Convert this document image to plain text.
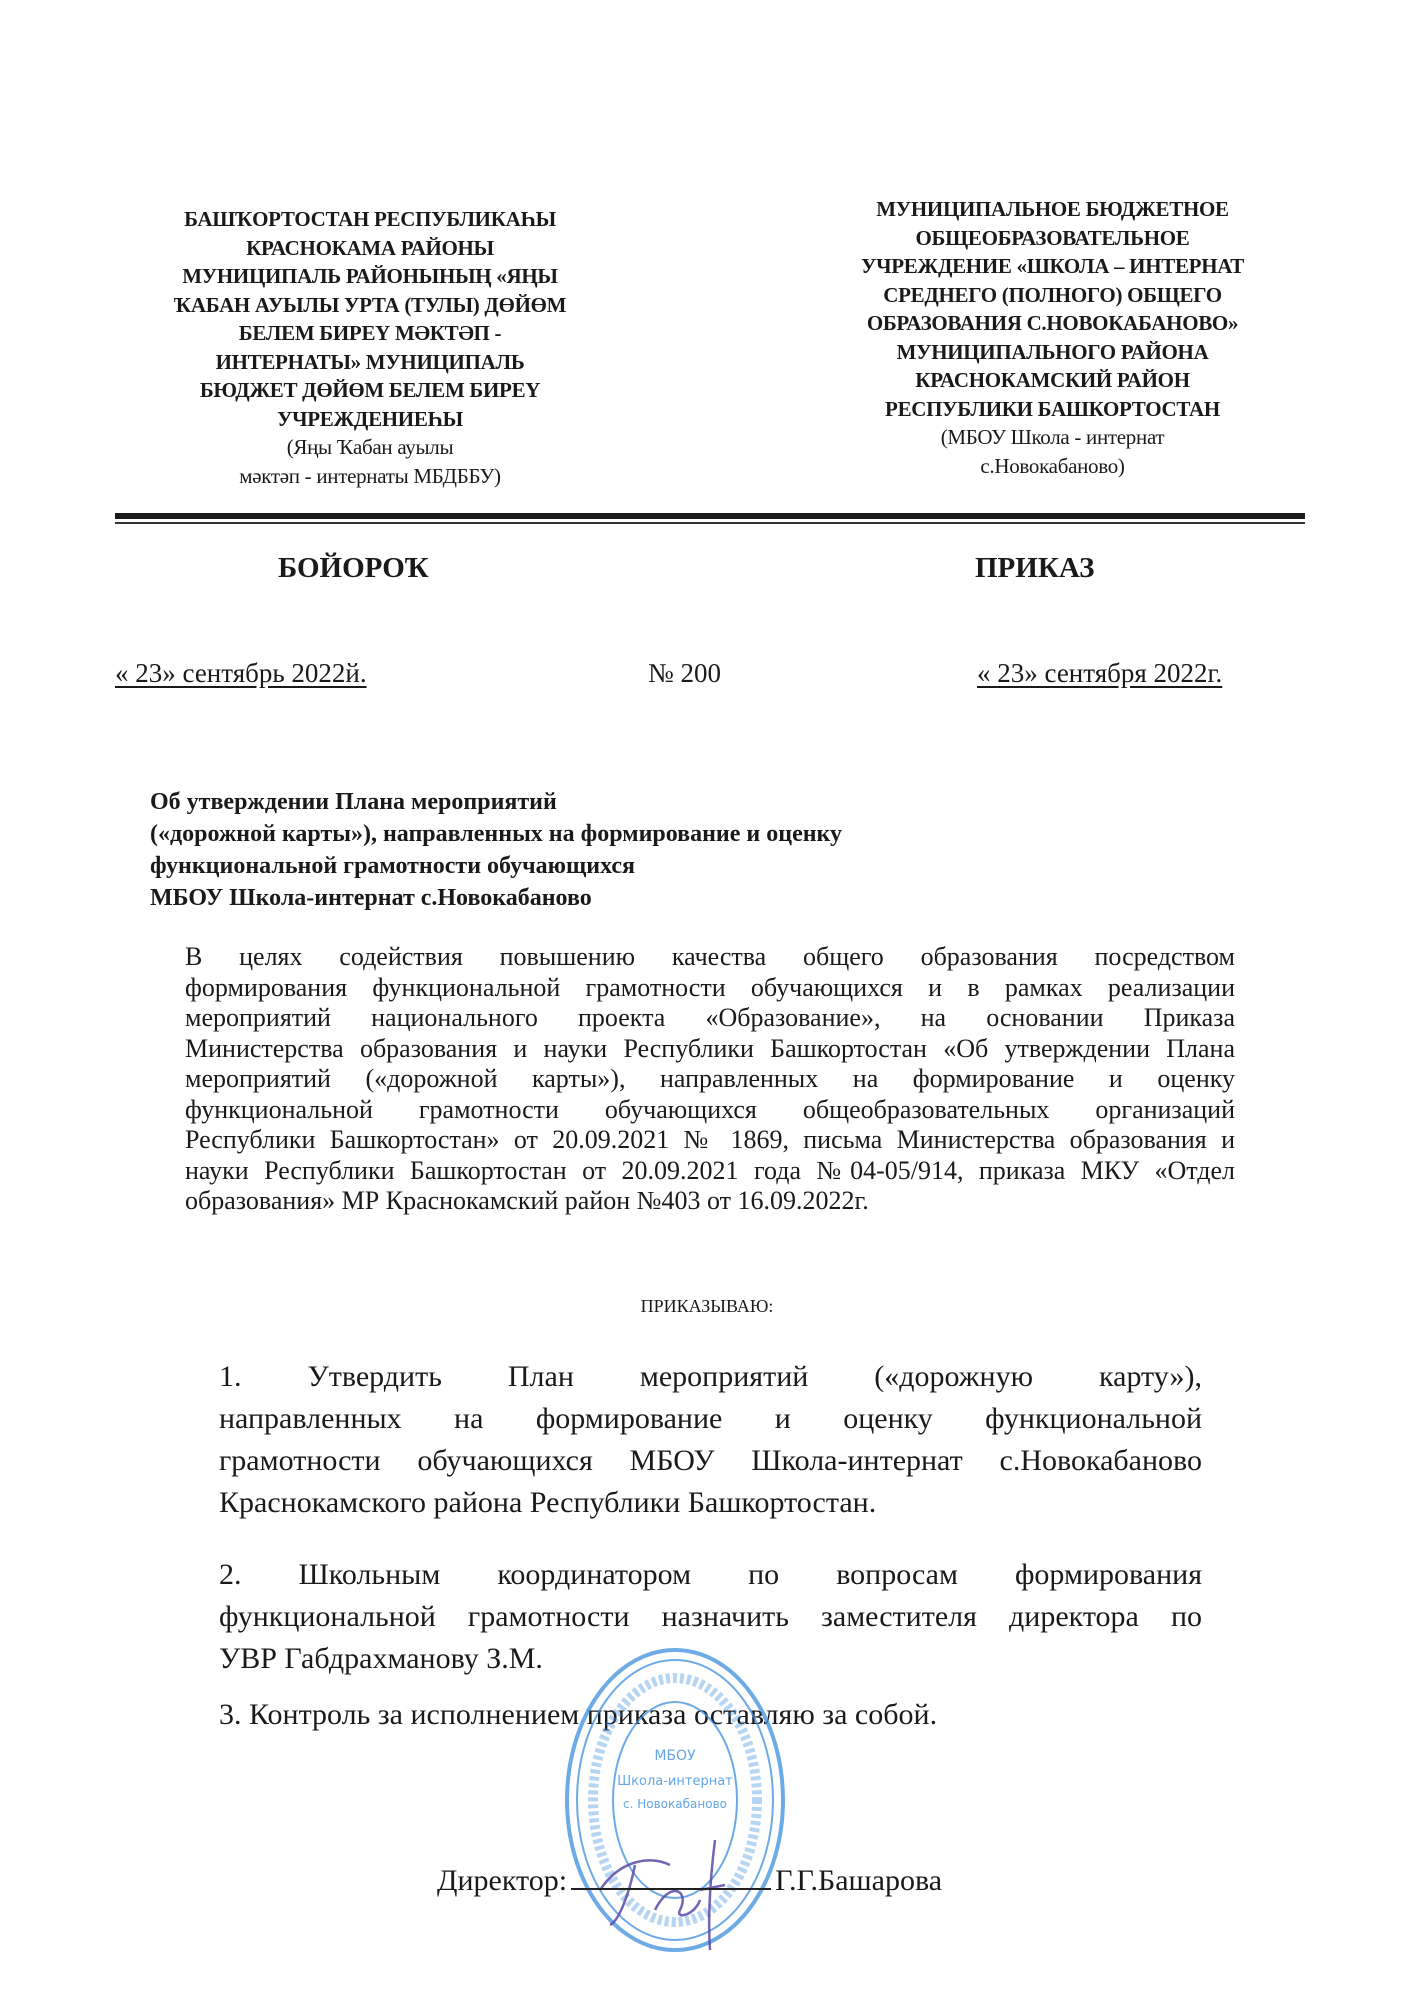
БАШҠОРТОСТАН РЕСПУБЛИКАҺЫ
КРАСНОКАМА РАЙОНЫ
МУНИЦИПАЛЬ РАЙОНЫНЫҢ «ЯҢЫ
ҠАБАН АУЫЛЫ УРТА (ТУЛЫ) ДӨЙӨМ
БЕЛЕМ БИРЕҮ МӘКТӘП -
ИНТЕРНАТЫ» МУНИЦИПАЛЬ
БЮДЖЕТ ДӨЙӨМ БЕЛЕМ БИРЕҮ
УЧРЕЖДЕНИЕҺЫ
(Яңы Ҡабан ауылы
мәктәп - интернаты МБДББУ)
МУНИЦИПАЛЬНОЕ БЮДЖЕТНОЕ
ОБЩЕОБРАЗОВАТЕЛЬНОЕ
УЧРЕЖДЕНИЕ «ШКОЛА – ИНТЕРНАТ
СРЕДНЕГО (ПОЛНОГО) ОБЩЕГО
ОБРАЗОВАНИЯ С.НОВОКАБАНОВО»
МУНИЦИПАЛЬНОГО РАЙОНА
КРАСНОКАМСКИЙ РАЙОН
РЕСПУБЛИКИ БАШКОРТОСТАН
(МБОУ Школа - интернат
с.Новокабаново)
БОЙОРОҠ	ПРИКАЗ
« 23» сентябрь 2022й.	№ 200	« 23» сентября 2022г.
Об утверждении Плана мероприятий
(«дорожной карты»), направленных на формирование и оценку
функциональной грамотности обучающихся
МБОУ Школа-интернат с.Новокабаново
В целях содействия повышению качества общего образования посредством
формирования функциональной грамотности обучающихся и в рамках реализации
мероприятий национального проекта «Образование», на основании Приказа
Министерства образования и науки Республики Башкортостан «Об утверждении Плана
мероприятий («дорожной карты»), направленных на формирование и оценку
функциональной грамотности обучающихся общеобразовательных организаций
Республики Башкортостан» от 20.09.2021 № 1869, письма Министерства образования и
науки Республики Башкортостан от 20.09.2021 года №04-05/914, приказа МКУ «Отдел
образования» МР Краснокамский район №403 от 16.09.2022г.
ПРИКАЗЫВАЮ:
1. Утвердить План мероприятий («дорожную карту»),
направленных на формирование и оценку функциональной
грамотности обучающихся МБОУ Школа-интернат с.Новокабаново
Краснокамского района Республики Башкортостан.
2. Школьным координатором по вопросам формирования
функциональной грамотности назначить заместителя директора по
УВР Габдрахманову З.М.
3. Контроль за исполнением приказа оставляю за собой.
МБОУ
Школа-интернат
с. Новокабаново
Директор:	Г.Г.Башарова
